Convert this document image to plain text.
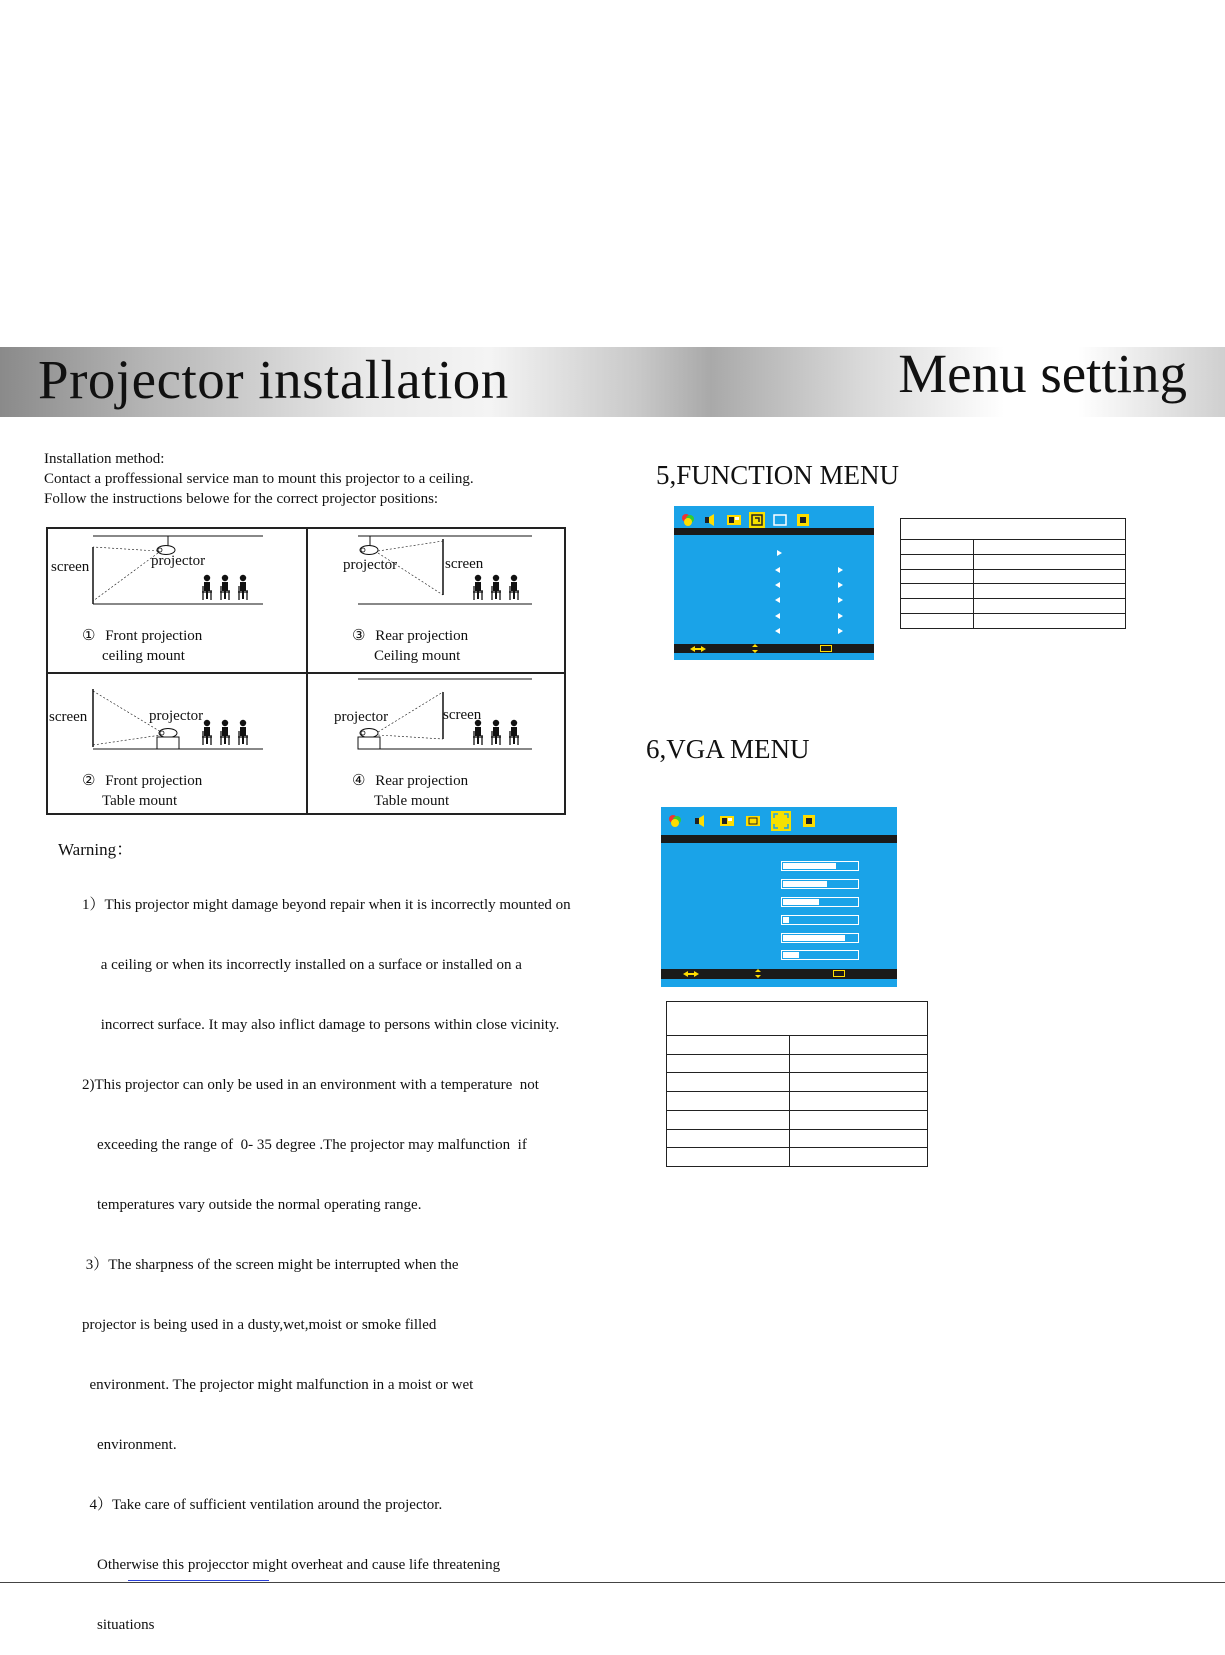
Projector installation	Menu setting
Installation method:
Contact a proffessional service man to mount this projector to a ceiling.
Follow the instructions belowe for the correct projector positions:
screen	projector
① Front projection
ceiling mount
screen
projector
③ Rear projection
Ceiling mount
screen	projector
② Front projection
Table mount
screen
projector
④ Rear projection
Table mount
Warning：

1）This projector might damage beyond repair when it is incorrectly mounted on

a ceiling or when its incorrectly installed on a surface or installed on a

incorrect surface. It may also inflict damage to persons within close vicinity.

2)This projector can only be used in an environment with a temperature  not

exceeding the range of  0- 35 degree .The projector may malfunction  if

temperatures vary outside the normal operating range.

3）The sharpness of the screen might be interrupted when the

projector is being used in a dusty,wet,moist or smoke filled

environment. The projector might malfunction in a moist or wet

environment.

4）Take care of sufficient ventilation around the projector.

Otherwise this projecctor might overheat and cause life threatening

situations

5,FUNCTION MENU

6,VGA MENU
